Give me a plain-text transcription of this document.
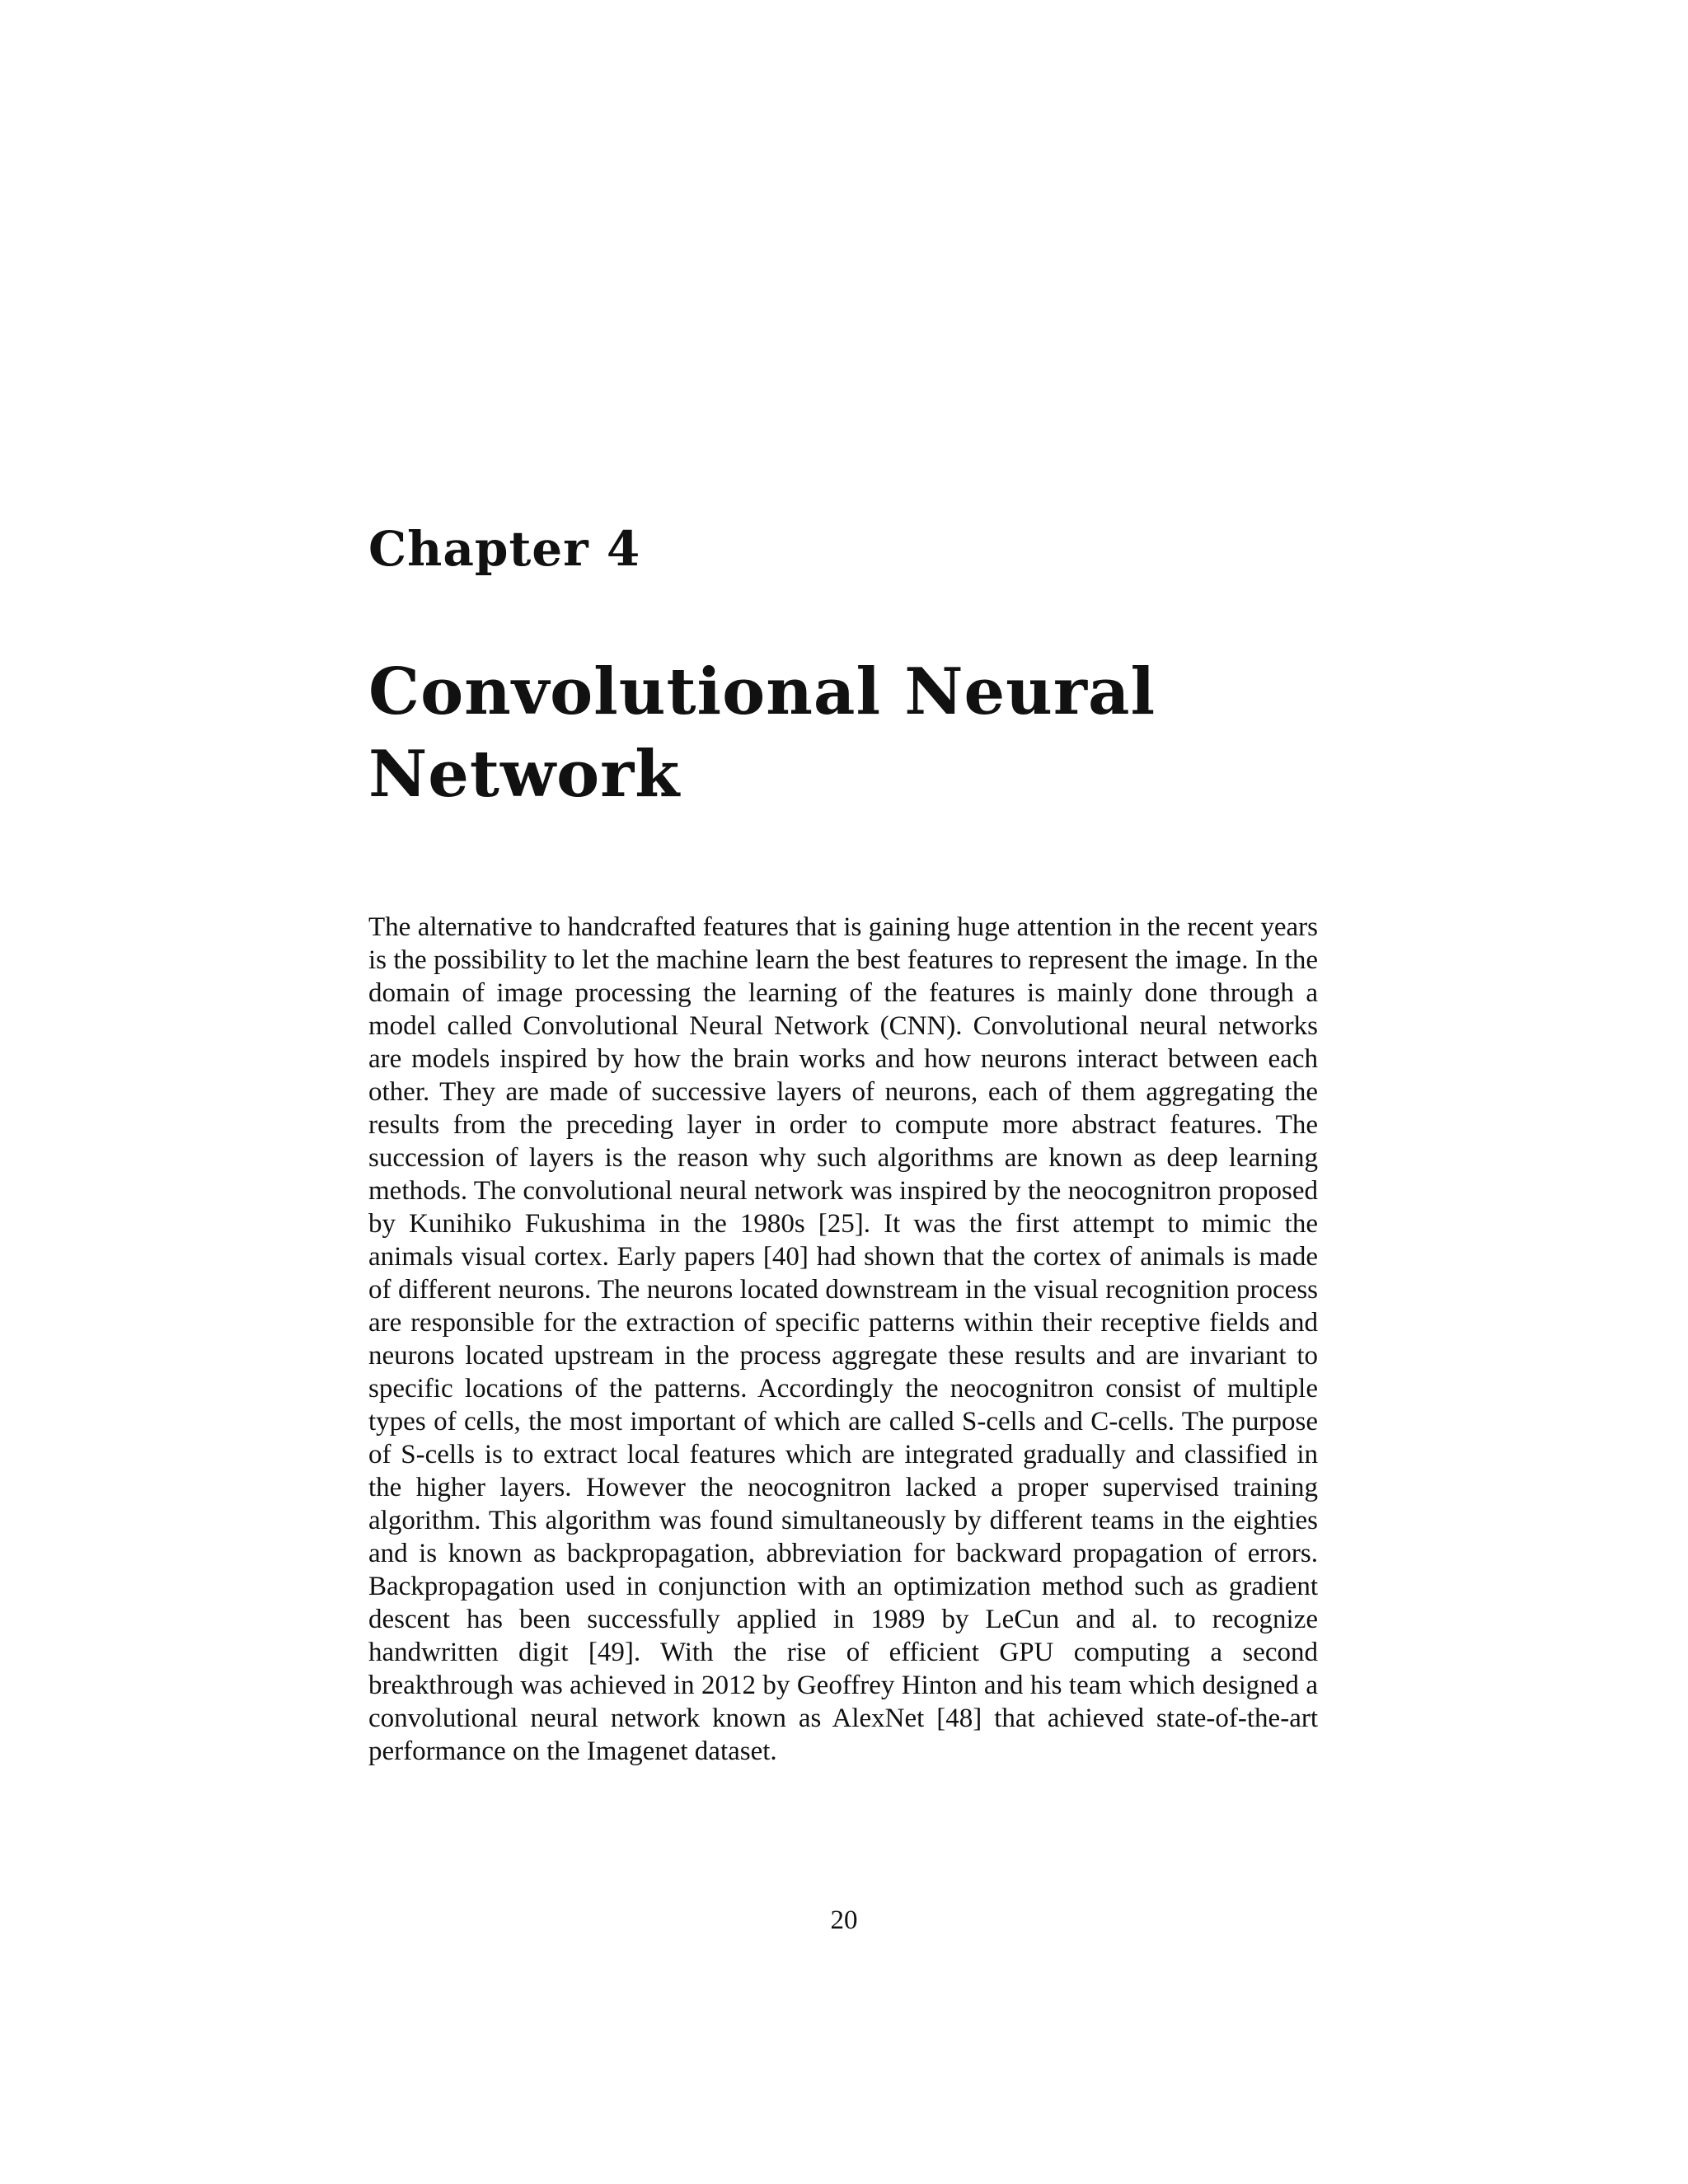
Chapter 4
Convolutional Neural Network

The alternative to handcrafted features that is gaining huge attention in the recent years is the possibility to let the machine learn the best features to represent the image. In the domain of image processing the learning of the features is mainly done through a model called Convolutional Neural Network (CNN). Convolutional neural networks are models inspired by how the brain works and how neurons interact between each other. They are made of successive layers of neurons, each of them aggregating the results from the preceding layer in order to compute more abstract features. The succession of layers is the reason why such algorithms are known as deep learning methods. The convolutional neural network was inspired by the neocognitron proposed by Kunihiko Fukushima in the 1980s [25]. It was the first attempt to mimic the animals visual cortex. Early papers [40] had shown that the cortex of animals is made of different neurons. The neurons located downstream in the visual recognition process are responsible for the extraction of specific patterns within their receptive fields and neurons located upstream in the process aggregate these results and are invariant to specific locations of the patterns. Accordingly the neocognitron consist of multiple types of cells, the most important of which are called S-cells and C-cells. The purpose of S-cells is to extract local features which are integrated gradually and classified in the higher layers. However the neocognitron lacked a proper supervised training algorithm. This algorithm was found simultaneously by different teams in the eighties and is known as backpropagation, abbreviation for backward propagation of errors. Backpropagation used in conjunction with an optimization method such as gradient descent has been successfully applied in 1989 by LeCun and al. to recognize handwritten digit [49]. With the rise of efficient GPU computing a second breakthrough was achieved in 2012 by Geoffrey Hinton and his team which designed a convolutional neural network known as AlexNet [48] that achieved state-of-the-art performance on the Imagenet dataset.

20
